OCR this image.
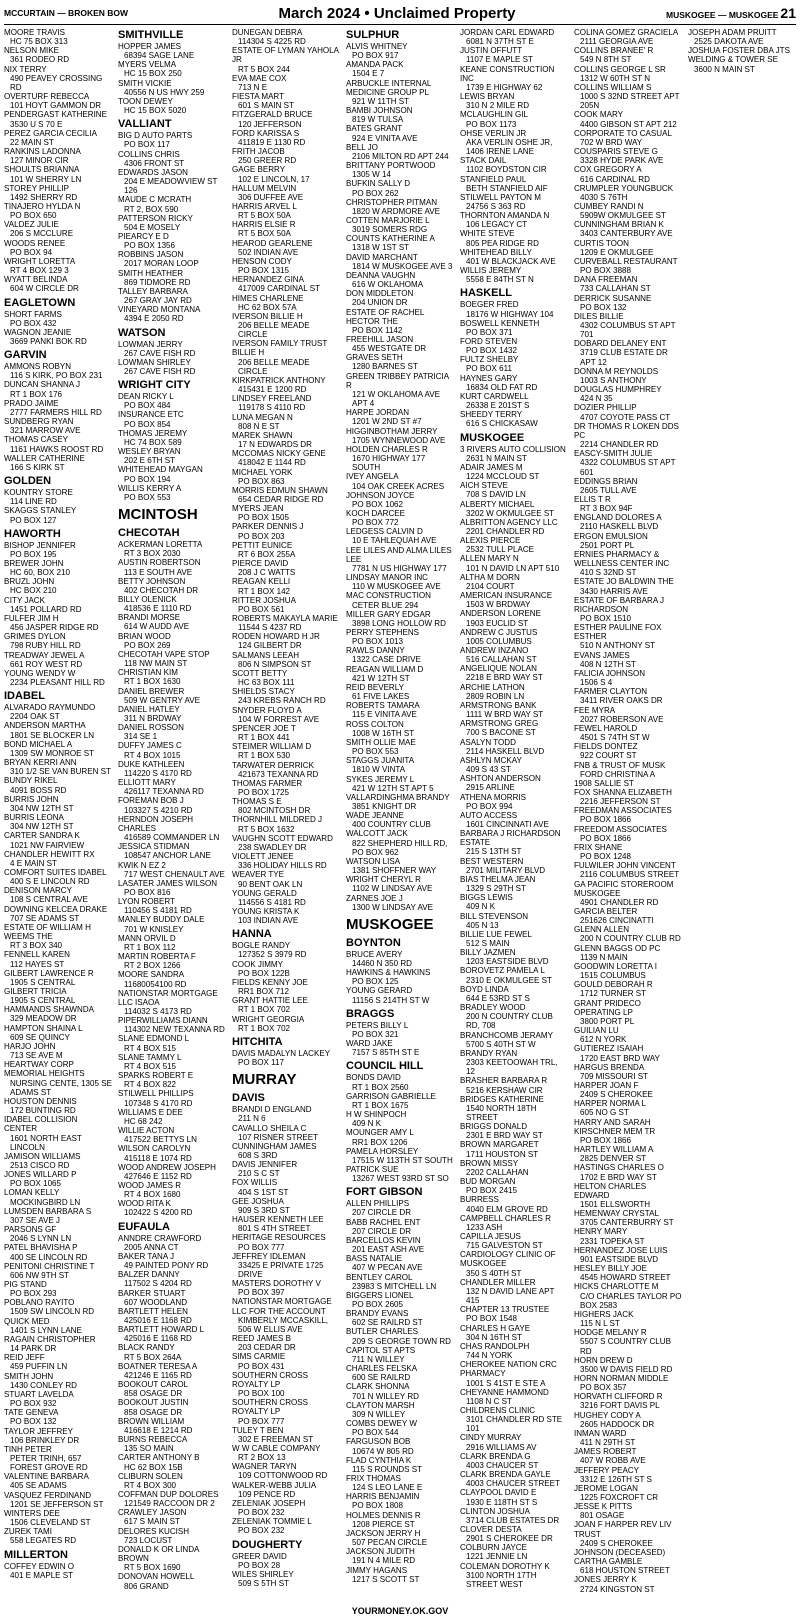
MCCURTAIN — BROKEN BOW	March 2024 • Unclaimed Property	MUSKOGEE — MUSKOGEE 21
MOORE TRAVIS
HC 75 BOX 313
NELSON MIKE
361 RODEO RD
NIX TERRY
490 PEAVEY CROSSING RD
OVERTURF REBECCA
101 HOYT GAMMON DR
PENDERGAST KATHERINE
3530 U S 70 E
PEREZ GARCIA CECILIA
22 MAIN ST
RANKINS LADONNA
127 MINOR CIR
SHOULTS BRIANNA
101 W SHERRY LN
STOREY PHILLIP
1492 SHERRY RD
TINAJERO HYLDA N
PO BOX 650
VALDEZ JULIE
206 S MCCLURE
WOODS RENEE
PO BOX 94
WRIGHT LORETTA
RT 4 BOX 129 3
WYATT BELINDA
604 W CIRCLE DR
EAGLETOWN
SHORT FARMS
PO BOX 432
WAGNON JEANIE
3669 PANKI BOK RD
GARVIN
AMMONS ROBYN
116 S KIRK, PO BOX 231
DUNCAN SHANNA J
RT 1 BOX 176
PRADO JAIME
2777 FARMERS HILL RD
SUNDBERG RYAN
321 MARROW AVE
THOMAS CASEY
1161 HAWKS ROOST RD
WALLER CATHERINE
166 S KIRK ST
GOLDEN
KOUNTRY STORE
114 LINE RD
SKAGGS STANLEY
PO BOX 127
HAWORTH
BISHOP JENNIFER
PO BOX 195
BREWER JOHN
HC 60, BOX 210
BRUZL JOHN
HC BOX 210
CITY JACK
1451 POLLARD RD
FULFER JIM H
456 JASPER RIDGE RD
GRIMES DYLON
798 RUBY HILL RD
TREADWAY JEWEL A
661 ROY WEST RD
YOUNG WENDY W
2234 PLEASANT HILL RD
IDABEL
ALVARADO RAYMUNDO
2204 OAK ST
ANDERSON MARTHA
1801 SE BLOCKER LN
BOND MICHAEL A
1309 SW MONROE ST
BRYAN KERRI ANN
310 1/2 SE VAN BUREN ST
BUNDY RIKEL
4091 BOSS RD
BURRIS JOHN
304 NW 12TH ST
BURRIS LEONA
304 NW 12TH ST
CARTER SANDRA K
1021 NW FAIRVIEW
CHANDLER HEWITT RX
4 E MAIN ST
COMFORT SUITES IDABEL
400 S E LINCOLN RD
DENISON MARCY
108 S CENTRAL AVE
DOWNING KELCEA DRAKE
707 SE ADAMS ST
ESTATE OF WILLIAM H WEEMS THE
RT 3 BOX 340
FENNELL KAREN
112 HAYES ST
GILBERT LAWRENCE R
1905 S CENTRAL
GILBERT TRICIA
1905 S CENTRAL
HAMMANDS SHAWNDA
329 MEADOW DR
HAMPTON SHAINA L
609 SE QUINCY
HARJO JOHN
713 SE AVE M
HEARTWAY CORP MEMORIAL HEIGHTS
NURSING CENTE, 1305 SE ADAMS ST
HOUSTON DENNIS
172 BUNTING RD
IDABEL COLLISION CENTER
1601 NORTH EAST LINCOLN
JAMISON WILLIAMS
2513 CISCO RD
JONES WILLARD P
PO BOX 1065
LOMAN KELLY
MOCKINGBIRD LN
LUMSDEN BARBARA S
307 SE AVE J
PARSONS GF
2046 S LYNN LN
PATEL BHAVISHA P
400 SE LINCOLN RD
PENITONI CHRISTINE T
606 NW 9TH ST
PIG STAND
PO BOX 293
POBLANO RAYITO
1509 SW LINCOLN RD
QUICK MED
1401 S LYNN LANE
RAGAIN CHRISTOPHER
14 PARK DR
REID JEFF
459 PUFFIN LN
SMITH JOHN
1430 CONLEY RD
STUART LAVELDA
PO BOX 932
TATE GENEVA
PO BOX 132
TAYLOR JEFFREY
106 BRINKLEY DR
TINH PETER
PETER TRINH, 657 FOREST GROVE RD
VALENTINE BARBARA
405 SE ADAMS
VASQUEZ FERDINAND
1201 SE JEFFERSON ST
WINTERS DEE
1506 CLEVELAND ST
ZUREK TAMI
558 LEGATES RD
MILLERTON
COFFEY EDWIN O
401 E MAPLE ST
SMITHVILLE
HOPPER JAMES
68394 SAGE LANE
MYERS VELMA
HC 15 BOX 250
SMITH VICKIE
40556 N US HWY 259
TOON DEWEY
HC 15 BOX 5020
VALLIANT
BIG D AUTO PARTS
PO BOX 117
COLLINS CHRIS
4306 FRONT ST
EDWARDS JASON
204 E MEADOWVIEW ST 126
MAUDE C MCRATH
RT 2, BOX 590
PATTERSON RICKY
504 E MOSELY
PIEARCY E D
PO BOX 1356
ROBBINS JASON
2017 MORAN LOOP
SMITH HEATHER
869 TIDMORE RD
TALLEY BARBARA
267 GRAY JAY RD
VINEYARD MONTANA
4394 E 2050 RD
WATSON
LOWMAN JERRY
267 CAVE FISH RD
LOWMAN SHIRLEY
267 CAVE FISH RD
WRIGHT CITY
DEAN RICKY L
PO BOX 484
INSURANCE ETC
PO BOX 854
THOMAS JEREMY
HC 74 BOX 589
WESLEY BRYAN
202 E 6TH ST
WHITEHEAD MAYGAN
PO BOX 194
WILLIS KERRY A
PO BOX 553
MCINTOSH
CHECOTAH
ACKERMAN LORETTA
RT 3 BOX 2030
AUSTIN ROBERTSON
113 E SOUTH AVE
BETTY JOHNSON
402 CHECOTAH DR
BILLY OLENICK
418536 E 1110 RD
BRANDI MORSE
614 W AUDD AVE
BRIAN WOOD
PO BOX 269
CHECOTAH VAPE STOP
118 NW MAIN ST
CHRISTIAN KIM
RT 1 BOX 1630
DANIEL BREWER
509 W GENTRY AVE
DANIEL HATLEY
311 N BRDWAY
DANIEL ROSSON
314 SE 1
DUFFY JAMES C
RT 4 BOX 1015
DUKE KATHLEEN
114220 S 4170 RD
ELLIOTT MARY
426117 TEXANNA RD
FOREMAN BOB J
103327 S 4210 RD
HERNDON JOSEPH CHARLES
416589 COMMANDER LN
JESSICA STIDMAN
108547 ANCHOR LANE
KWIK N EZ 2
717 WEST CHENAULT AVE
LASATER JAMES WILSON
PO BOX 816
LYON ROBERT
110456 S 4181 RD
MANLEY BUDDY DALE
701 W KNISLEY
MANN ORVIL D
RT 1 BOX 112
MARTIN ROBERTA F
RT 2 BOX 1266
MOORE SANDRA
11680054100 RD
NATIONSTAR MORTGAGE LLC ISAOA
114032 S 4173 RD
PIPERWILLIAMS DIANN
114302 NEW TEXANNA RD
SLANE EDMOND L
RT 4 BOX 515
SLANE TAMMY L
RT 4 BOX 515
SPARKS ROBERT E
RT 4 BOX 822
STILWELL PHILLIPS
107348 S 4170 RD
WILLIAMS E DEE
HC 68 242
WILLIE ACTON
417522 BETTYS LN
WILSON CAROLYN
415118 E 1074 RD
WOOD ANDREW JOSEPH
427646 E 1152 RD
WOOD JAMES R
RT 4 BOX 1680
WOOD RITA K
102422 S 4200 RD
EUFAULA
ANNDRE CRAWFORD
2005 ANNA CT
BAKER TANA J
49 PAINTED PONY RD
BALZER DANNY
117502 S 4204 RD
BARKER STUART
607 WOODLAND
BARTLETT HELEN
425016 E 1168 RD
BARTLETT HOWARD L
425016 E 1168 RD
BLACK RANDY
RT 5 BOX 264A
BOATNER TERESA A
421246 E 1165 RD
BOOKOUT CAROL
858 OSAGE DR
BOOKOUT JUSTIN
858 OSAGE DR
BROWN WILLIAM
416618 E 1214 RD
BURNS REBECCA
135 SO MAIN
CARTER ANTHONY B
HC 62 BOX 15B
CLIBURN SOLEN
RT 4 BOX 300
COFFMAN DUP DOLORES
121549 RACCOON DR 2
CRAWLEY JASON
617 S MAIN ST
DELORES KUCISH
723 LOCUST
DONALD K OR LINDA BROWN
RT 5 BOX 1690
DONOVAN HOWELL
806 GRAND
DUNEGAN DEBRA
114304 S 4225 RD
ESTATE OF LYMAN YAHOLA JR
RT 5 BOX 244
EVA MAE COX
713 N E
FIESTA MART
601 S MAIN ST
FITZGERALD BRUCE
120 JEFFERSON
FORD KARISSA S
411819 E 1130 RD
FRITH JACOB
250 GREER RD
GAGE BERRY
102 E LINCOLN, 17
HALLUM MELVIN
306 DUFFEE AVE
HARRIS ARVEL L
RT 5 BOX 50A
HARRIS ELSIE R
RT 5 BOX 50A
HEAROD GEARLENE
502 INDIAN AVE
HENSON CODY
PO BOX 1315
HERNANDEZ GINA
417009 CARDINAL ST
HIMES CHARLENE
HC 62 BOX 57A
IVERSON BILLIE H
206 BELLE MEADE CIRCLE
IVERSON FAMILY TRUST BILLIE H
206 BELLE MEADE CIRCLE
KIRKPATRICK ANTHONY
415431 E 1200 RD
LINDSEY FREELAND
119178 S 4110 RD
LUNA MEGAN N
808 N E ST
MAREK SHAWN
17 N EDWARDS DR
MCCOMAS NICKY GENE
418042 E 1144 RD
MICHAEL YORK
PO BOX 863
MORRIS EDMUN SHAWN
654 CEDAR RIDGE RD
MYERS JEAN
PO BOX 1505
PARKER DENNIS J
PO BOX 203
PETTIT EUNICE
RT 6 BOX 255A
PIERCE DAVID
208 J C WATTS
REAGAN KELLI
RT 1 BOX 142
RITTER JOSHUA
PO BOX 561
ROBERTS MAKAYLA MARIE
11544 S 4237 RD
RODEN HOWARD H JR
124 GILBERT DR
SALMANS LEEAH
806 N SIMPSON ST
SCOTT BETTY
HC 63 BOX 111
SHIELDS STACY
243 KREBS RANCH RD
SNYDER FLOYD A
104 W FORREST AVE
SPENCER JOE T
RT 1 BOX 441
STEIMER WILLIAM D
RT 1 BOX 530
TARWATER DERRICK
421673 TEXANNA RD
THOMAS FARMER
PO BOX 1725
THOMAS S E
802 MCINTOSH DR
THORNHILL MILDRED J
RT 5 BOX 1632
VAUGHN SCOTT EDWARD
238 SWADLEY DR
VIOLETT JENEE
336 HOLIDAY HILLS RD
WEAVER TYE
90 BENT OAK LN
YOUNG GERALD
114556 S 4181 RD
YOUNG KRISTA K
103 INDIAN AVE
HANNA
BOGLE RANDY
127352 S 3979 RD
COOK JIMMY
PO BOX 122B
FIELDS KENNY JOE
RR1 BOX 712
GRANT HATTIE LEE
RT 1 BOX 702
WRIGHT GEORGIA
RT 1 BOX 702
HITCHITA
DAVIS MADALYN LACKEY
PO BOX 117
MURRAY
DAVIS
BRANDI D ENGLAND
211 N 6
CAVALLO SHEILA C
107 RISNER STREET
CUNNINGHAM JAMES
608 S 3RD
DAVIS JENNIFER
210 S C ST
FOX WILLIS
404 S 1ST ST
GEE JOSHUA
909 S 3RD ST
HAUSER KENNETH LEE
801 S 4TH STREET
HERITAGE RESOURCES
PO BOX 777
JEFFREY IDLEMAN
33425 E PRIVATE 1725 DRIVE
MASTERS DOROTHY V
PO BOX 397
NATIONSTAR MORTGAGE LLC FOR THE ACCOUNT
KIMBERLY MCCASKILL, 506 W ELLIS AVE
REED JAMES B
203 CEDAR DR
SIMS CARMIE
PO BOX 431
SOUTHERN CROSS ROYALTY LP
PO BOX 100
SOUTHERN CROSS ROYALTY LP
PO BOX 777
TULEY T BEN
302 E FREEMAN ST
W W CABLE COMPANY
RT 2 BOX 13
WAGNER TARYN
109 COTTONWOOD RD
WALKER-WEBB JULIA
109 PENCE RD
ZELENIAK JOSEPH
PO BOX 232
ZELENIAK TOMMIE L
PO BOX 232
DOUGHERTY
GREER DAVID
PO BOX 28
WILES SHIRLEY
509 S 5TH ST
SULPHUR
ALVIS WHITNEY
PO BOX 917
AMANDA PACK
1504 E 7
ARBUCKLE INTERNAL MEDICINE GROUP PL
921 W 11TH ST
BAMBI JOHNSON
819 W TULSA
BATES GRANT
924 E VINITA AVE
BELL JO
2106 MILTON RD APT 244
BRITTANY PORTWOOD
1305 W 14
BUFKIN SALLY D
PO BOX 262
CHRISTOPHER PITMAN
1820 W ARDMORE AVE
COTTEN MARJORIE L
3019 SOMERS RDG
COUNTS KATHERINE A
1318 W 1ST ST
DAVID MARCHANT
1814 W MUSKOGEE AVE 3
DEANNA VAUGHN
616 W OKLAHOMA
DON MIDDLETON
204 UNION DR
ESTATE OF RACHEL HECTOR THE
PO BOX 1142
FREEHILL JASON
455 WESTGATE DR
GRAVES SETH
1280 BARNES ST
GREEN TRIBBEY PATRICIA R
121 W OKLAHOMA AVE APT 4
HARPE JORDAN
1201 W 2ND ST #7
HIGGINBOTHAM JERRY
1705 WYNNEWOOD AVE
HOLDEN CHARLES R
1670 HIGHWAY 177 SOUTH
IVEY ANGELA
104 OAK CREEK ACRES
JOHNSON JOYCE
PO BOX 1062
KOCH DARCEE
PO BOX 772
LEDGESS CALVIN D
10 E TAHLEQUAH AVE
LEE LILES AND ALMA LILES LEE
7781 N US HIGHWAY 177
LINDSAY MANOR INC
110 W MUSKOGEE AVE
MAC CONSTRUCTION
CETER BLUE 294
MILLER GARY EDGAR
3898 LONG HOLLOW RD
PERRY STEPHENS
PO BOX 1013
RAWLS DANNY
1322 CASE DRIVE
REAGAN WILLIAM D
421 W 12TH ST
REID BEVERLY
61 FIVE LAKES
ROBERTS TAMARA
115 E VINITA AVE
ROSS COLTON
1008 W 16TH ST
SMITH OLLIE MAE
PO BOX 553
STAGGS JUANITA
1810 W VINTA
SYKES JEREMY L
421 W 12TH ST APT 5
VALLARDINGHMA BRANDY
3851 KNIGHT DR
WADE JEANNE
400 COUNTRY CLUB
WALCOTT JACK
822 SHEPHERD HILL RD, PO BOX 962
WATSON LISA
1381 SHOFFNER WAY
WRIGHT CHERYL R
1102 W LINDSAY AVE
ZARNES JOE J
1300 W LINDSAY AVE
MUSKOGEE
BOYNTON
BRUCE AVERY
14460 N 350 RD
HAWKINS & HAWKINS
PO BOX 125
YOUNG GERARD
11156 S 214TH ST W
BRAGGS
PETERS BILLY L
PO BOX 321
WARD JAKE
7157 S 85TH ST E
COUNCIL HILL
BONDS DAVID
RT 1 BOX 2560
GARRISON GABRIELLE
RT 1 BOX 1675
H W SHINPOCH
409 N K
MOUNGER AMY L
RR1 BOX 1206
PAMELA HORSLEY
17515 W 113TH ST SOUTH
PATRICK SUE
13267 WEST 93RD ST SO
FORT GIBSON
ALLEN PHILLIPS
207 CIRCLE DR
BABB RACHEL ENT
207 CIRCLE DR
BARCELLOS KEVIN
201 EAST ASH AVE
BASS NATALIE
407 W PECAN AVE
BENTLEY CAROL
23983 S MITCHELL LN
BIGGERS LIONEL
PO BOX 2605
BRANDY EVANS
602 SE RAILRD ST
BUTLER CHARLES
209 S GEORGE TOWN RD
CAPITOL ST APTS
711 N WILLEY
CHARLES FELSKA
600 SE RAILRD
CLARK SHONNA
701 N WILLEY RD
CLAYTON MARSH
309 N WILLEY
COMBS DEWEY W
PO BOX 544
FARGUSON BOB
10674 W 805 RD
FLAD CYNTHIA K
115 S ROUNDS ST
FRIX THOMAS
124 S LEO LANE E
HARRIS BENJAMIN
PO BOX 1808
HOLMES DENNIS R
1208 PIERCE ST
JACKSON JERRY H
507 PECAN CIRCLE
JACKSON JUDITH
191 N 4 MILE RD
JIMMY HAGANS
1217 S SCOTT ST
JORDAN CARL EDWARD
6081 N 37TH ST E
JUSTIN OFFUTT
1107 E MAPLE ST
KEANE CONSTRUCTION INC
1739 E HIGHWAY 62
LEWIS BRYAN
310 N 2 MILE RD
MCLAUGHLIN GIL
PO BOX 1173
OHSE VERLIN JR
AKA VERLIN OSHE JR, 1406 IRENE LANE
STACK DAIL
1102 BOYDSTON CIR
STANFIELD PAUL
BETH STANFIELD AIF
STILWELL PAYTON M
24756 S 363 RD
THORNTON AMANDA N
106 LEGACY CT
WHITE STEVE
805 PEA RIDGE RD
WHITEHEAD BILLY
401 W BLACKJACK AVE
WILLIS JEREMY
5558 E 84TH ST N
HASKELL
BOEGER FRED
18176 W HIGHWAY 104
BOSWELL KENNETH
PO BOX 371
FORD STEVEN
PO BOX 1432
FULTZ SHELBY
PO BOX 611
HAYNES GARY
16834 OLD FAT RD
KURT CARDWELL
26338 E 201ST S
SHEEDY TERRY
616 S CHICKASAW
MUSKOGEE
3 RIVERS AUTO COLLISION
2631 N MAIN ST
ADAIR JAMES M
1224 MCCLOUD ST
AICH STEVE
708 S DAVID LN
ALBERTY MICHAEL
3202 W OKMULGEE ST
ALBRITTON AGENCY LLC
2201 CHANDLER RD
ALEXIS PIERCE
2532 TULL PLACE
ALLEN MARY N
101 N DAVID LN APT 510
ALTHA M DORN
2104 COURT
AMERICAN INSURANCE
1503 W BRDWAY
ANDERSON LORENE
1903 EUCLID ST
ANDREW C JUSTUS
1005 COLUMBUS
ANDREW INZANO
516 CALLAHAN ST
ANGELIQUE NOLAN
2218 E BRD WAY ST
ARCHIE LATHON
2809 ROBIN LN
ARMSTRONG BANK
1111 W BRD WAY ST
ARMSTRONG GREG
700 S BACONE ST
ASALYN TODD
2114 HASKELL BLVD
ASHLYN MCKAY
409 S 43 ST
ASHTON ANDERSON
2915 ARLINE
ATHENA MORRIS
PO BOX 994
AUTO ACCESS
1601 CINCINNATI AVE
BARBARA J RICHARDSON ESTATE
215 S 13TH ST
BEST WESTERN
2701 MILITARY BLVD
BIAS THELMA JEAN
1329 S 29TH ST
BIGGS LEWIS
409 N K
BILL STEVENSON
405 N 13
BILLIE LUE FEWEL
512 S MAIN
BILLY JAZMEN
1203 EASTSIDE BLVD
BOROVETZ PAMELA L
2310 E OKMULGEE ST
BOYD LINDA
644 E 53RD ST S
BRADLEY WOOD
200 N COUNTRY CLUB RD, 708
BRANCHCOMB JERAMY
5700 S 40TH ST W
BRANDY RYAN
2303 KEETOOWAH TRL, 12
BRASHER BARBARA R
5216 KERSHAW CIR
BRIDGES KATHERINE
1540 NORTH 18TH STREET
BRIGGS DONALD
2301 E BRD WAY ST
BROWN MARGARET
1711 HOUSTON ST
BROWN MISSY
2202 CALLAHAN
BUD MORGAN
PO BOX 2415
BURRESS
4040 ELM GROVE RD
CAMPBELL CHARLES R
1233 ASH
CAPILLA JESUS
715 GALVESTON ST
CARDIOLOGY CLINIC OF MUSKOGEE
350 S 40TH ST
CHANDLER MILLER
132 N DAVID LANE APT 415
CHAPTER 13 TRUSTEE
PO BOX 1548
CHARLES H GAYE
304 N 16TH ST
CHAS RANDOLPH
744 N YORK
CHEROKEE NATION CRC PHARMACY
1001 S 41ST E STE A
CHEYANNE HAMMOND
1108 N C ST
CHILDRENS CLINIC
3101 CHANDLER RD STE 101
CINDY MURRAY
2916 WILLIAMS AV
CLARK BRENDA G
4003 CHAUCER ST
CLARK BRENDA GAYLE
4003 CHAUCER STREET
CLAYPOOL DAVID E
1930 E 118TH ST S
CLINTON JOSHUA
3714 CLUB ESTATES DR
CLOVER DESTA
2901 S CHEROKEE DR
COLBURN JAYCE
1221 JENNIE LN
COLEMAN DOROTHY K
3100 NORTH 17TH STREET WEST
COLINA GOMEZ GRACIELA
2111 GEORGIA AVE
COLLINS BRANEE' R
549 N 8TH ST
COLLINS GEORGE L SR
1312 W 60TH ST N
COLLINS WILLIAM S
1000 S 32ND STREET APT 205N
COOK MARY
4400 GIBSON ST APT 212
CORPORATE TO CASUAL
702 W BRD WAY
COUSPARIS STEVE G
3328 HYDE PARK AVE
COX GREGORY A
616 CARDINAL RD
CRUMPLER YOUNGBUCK
4030 S 76TH
CUMBEY RANDI N
5909W OKMULGEE ST
CUNNINGHAM BRIAN K
3403 CANTERBURY AVE
CURTIS TOON
1209 E OKMULGEE
CURVEBALL RESTAURANT
PO BOX 3888
DANA FREEMAN
733 CALLAHAN ST
DERRICK SUSANNE
PO BOX 132
DILES BILLIE
4302 COLUMBUS ST APT 701
DOBARD DELANEY ENT
3719 CLUB ESTATE DR APT 12
DONNA M REYNOLDS
1003 S ANTHONY
DOUGLAS HUMPHREY
424 N 35
DOZIER PHILLIP
4707 COYOTE PASS CT
DR THOMAS R LOKEN DDS PC
2214 CHANDLER RD
EASCY-SMITH JULIE
4322 COLUMBUS ST APT 601
EDDINGS BRIAN
2605 TULL AVE
ELLIS T R
RT 3 BOX 94F
ENGLAND DOLORES A
2110 HASKELL BLVD
ERGON EMULSION
2501 PORT PL
ERNIES PHARMACY & WELLNESS CENTER INC
410 S 32ND ST
ESTATE JO BALDWIN THE
3430 HARRIS AVE
ESTATE OF BARBARA J RICHARDSON
PO BOX 1510
ESTHER PAULINE FOX ESTHER
510 N ANTHONY ST
EVANS JAMES
408 N 12TH ST
FALICIA JOHNSON
1506 S 4
FARMER CLAYTON
3411 RIVER OAKS DR
FEE MYRA
2027 ROBERSON AVE
FEWEL HAROLD
4501 S 74TH ST W
FIELDS DONTEZ
922 COURT ST
FNB & TRUST OF MUSK
FORD CHRISTINA A
1908 SALLIE ST
FOX SHANNA ELIZABETH
2216 JEFFERSON ST
FREEDMAN ASSOCIATES
PO BOX 1866
FREEDOM ASSOCIATES
PO BOX 1866
FRIX SHANE
PO BOX 1248
FULWILER JOHN VINCENT
2116 COLUMBUS STREET
GA PACIFIC STOREROOM MUSKOGEE
4901 CHANDLER RD
GARCIA BELTER
251626 CINCINATTI
GLENN ALLEN
200 N COUNTRY CLUB RD
GLENN BAGGS OD PC
1139 N MAIN
GOODWIN LORETTA I
1515 COLUMBUS
GOULD DEBORAH R
1712 TURNER ST
GRANT PRIDECO OPERATING LP
3800 PORT PL
GUILIAN LU
612 N YORK
GUTIEREZ ISAIAH
1720 EAST BRD WAY
HARGUS BRENDA
709 MISSOURI ST
HARPER JOAN F
2409 S CHEROKEE
HARPER NORMA L
605 NO G ST
HARRY AND SARAH KIRSCHNER MEM TR
PO BOX 1866
HARTLEY WILLIAM A
2825 DENVER ST
HASTINGS CHARLES O
1702 E BRD WAY ST
HELTON CHARLES EDWARD
1501 ELLSWORTH
HEMENWAY CRYSTAL
3705 CANTERBURRY ST
HENRY MARY
2331 TOPEKA ST
HERNANDEZ JOSE LUIS
901 EASTSIDE BLVD
HESLEY BILLY JOE
4545 HOWARD STREET
HICKS CHARLOTTE M
C/O CHARLES TAYLOR PO BOX 2583
HIGHERS JACK
115 N L ST
HODGE MELANY R
5507 S COUNTRY CLUB RD
HORN DREW D
3500 W DAVIS FIELD RD
HORN NORMAN MIDDLE
PO BOX 357
HORVATH CLIFFORD R
3216 FORT DAVIS PL
HUGHEY CODY A
2605 HADDOCK DR
INMAN WARD
411 N 29TH ST
JAMES ROBERT
407 W ROBB AVE
JEFFERY PEACY
3312 E 126TH ST S
JEROME LOGAN
1225 FOXCROFT CR
JESSE K PITTS
801 OSAGE
JOAN F HARPER REV LIV TRUST
2409 S CHEROKEE
JOHNSON (DECEASED) CARTHA GAMBLE
618 HOUSTON STREET
JONES JERRY K
2724 KINGSTON ST
JOSEPH ADAM PRUITT
2525 DAKOTA AVE
JOSHUA FOSTER DBA JTS WELDING & TOWER SE
3600 N MAIN ST
YOURMONEY.OK.GOV
